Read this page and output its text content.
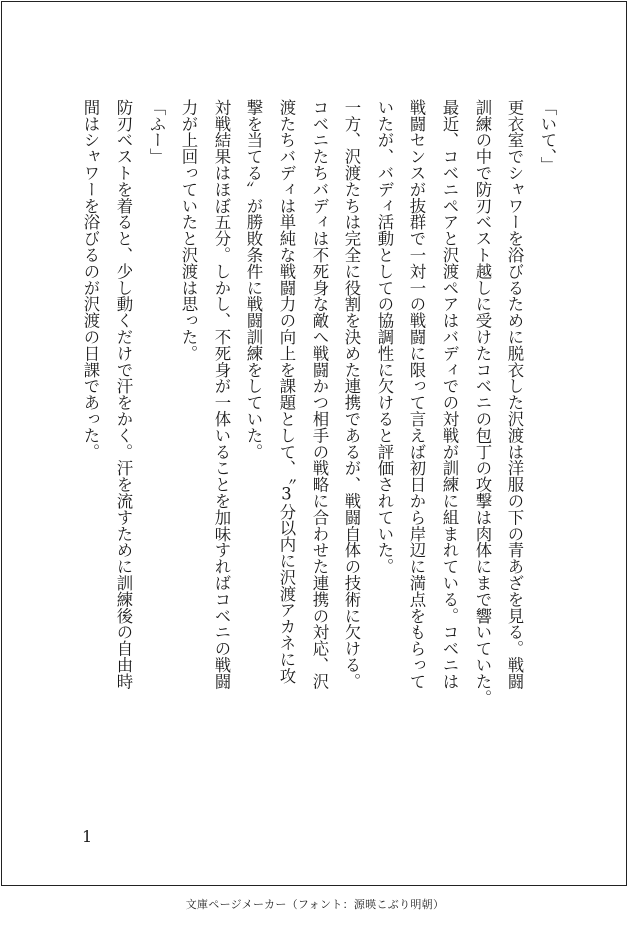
「いて、」
更衣室でシャワーを浴びるために脱衣した沢渡は洋服の下の青あざを見る。戦闘
訓練の中で防刃ベスト越しに受けたコベニの包丁の攻撃は肉体にまで響いていた。
最近、コベニペアと沢渡ペアはバディでの対戦が訓練に組まれている。コベニは
戦闘センスが抜群で一対一の戦闘に限って言えば初日から岸辺に満点をもらって
いたが、バディ活動としての協調性に欠けると評価されていた。
一方、沢渡たちは完全に役割を決めた連携であるが、戦闘自体の技術に欠ける。
コベニたちバディは不死身な敵へ戦闘かつ相手の戦略に合わせた連携の対応、沢
渡たちバディは単純な戦闘力の向上を課題として、〝3分以内に沢渡アカネに攻
撃を当てる〟が勝敗条件に戦闘訓練をしていた。
対戦結果はほぼ五分。しかし、不死身が一体いることを加味すればコベニの戦闘
力が上回っていたと沢渡は思った。
「ふー」
防刃ベストを着ると、少し動くだけで汗をかく。汗を流すために訓練後の自由時
間はシャワーを浴びるのが沢渡の日課であった。
1
文庫ページメーカー（フォント：源暎こぶり明朝）
